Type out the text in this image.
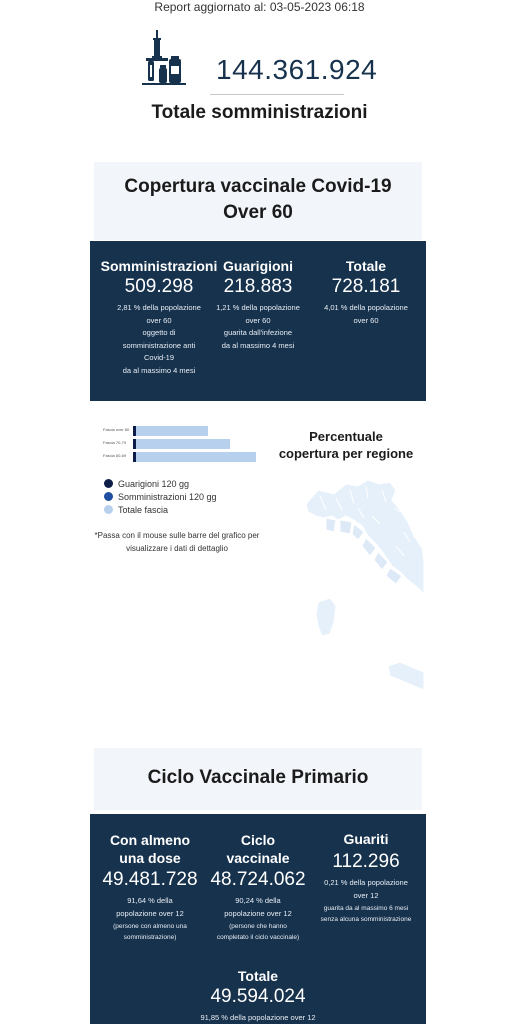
Report aggiornato al: 03-05-2023 06:18
144.361.924
Totale somministrazioni
Copertura vaccinale Covid-19
Over 60
Somministrazioni
509.298
2,81 % della popolazione
over 60
oggetto di
somministrazione anti
Covid-19
da al massimo 4 mesi
Guarigioni
218.883
1,21 % della popolazione
over 60
guarita dall'infezione
da al massimo 4 mesi
Totale
728.181
4,01 % della popolazione
over 60
Fascia over 80
Fascia 70-79
Fascia 60-69
Guarigioni 120 gg
Somministrazioni 120 gg
Totale fascia
*Passa con il mouse sulle barre del grafico per
visualizzare i dati di dettaglio
Percentuale
copertura per regione
Ciclo Vaccinale Primario
Con almeno
una dose
49.481.728
91,64 % della
popolazione over 12
(persone con almeno una
somministrazione)
Ciclo
vaccinale
48.724.062
90,24 % della
popolazione over 12
(persone che hanno
completato il ciclo vaccinale)
Guariti
112.296
0,21 % della popolazione
over 12
guarita da al massimo 6 mesi
senza alcuna somministrazione
Totale
49.594.024
91,85 % della popolazione over 12
